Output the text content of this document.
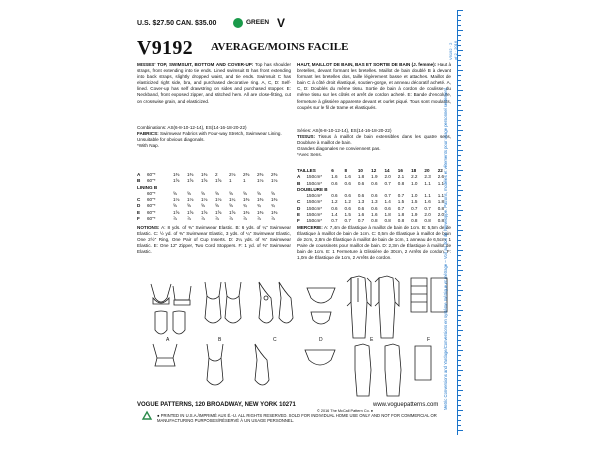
U.S. $27.50 CAN. $35.00	GREEN V
V9192 AVERAGE/MOINS FACILE
MISSES' TOP, SWIMSUIT, BOTTOM AND COVER-UP: Top has shoulder straps, front extending into tie ends. Lined swimsuit B has front extending into back straps, slightly dropped waist, and tie ends. Swimsuit C has elasticized right side, bra, and purchased decorative ring. A, C, D: Self-lined. Cover-up has self drawstring on sides and purchased stopper. E: Neckband, front exposed zipper, and stitched hem. All are close-fitting, cut on crosswise grain, and elasticized.
HAUT, MAILLOT DE BAIN, BAS ET SORTIE DE BAIN (J. femme): Haut à bretelles, devant formant les bretelles. Maillot de bain doublé B à devant formant les bretelles dos, taille légèrement basse et attaches. Maillot de bain C à côté droit élastiqué, soutien-gorge, et anneau décoratif acheté. A, C, D: Doublés du même tissu. Sortie de bain à cordon de coulisse du même tissu sur les côtés et arrêt de cordon acheté. E: Bande d'encolure, fermeture à glissière apparente devant et ourlet piqué. Tous sont moulants, coupés sur le fil de trame et élastiqués.
Combinations: AS(6-8-10-12-14), ES(14-16-18-20-22)
FABRICS: Swimwear Fabrics with Four-way Stretch, Swimwear Lining.
Unsuitable for obvious diagonals.
*With Nap.
Séries: AS(6-8-10-12-14), ES(14-16-18-20-22)
TISSUS: Tissus à maillot de bain extensibles dans les quatre sens, Doublure à maillot de bain.
Grandes diagonales ne conviennent pas.
*Avec Sens.
A	60"*	1⅜	1⅜	1⅜	2	2⅛	2⅜	2⅜	2⅜
B	60"*	1⅝	1⅝	1⅝	1⅝	1	1	1⅛	1⅛
LINING B
60"*	⅝	⅝	⅝	⅝	⅝	⅝	⅝	⅝
C	60"*	1⅛	1⅛	1⅛	1⅛	1¼	1⅜	1⅜	1⅜
D	60"*	⅝	⅝	⅝	⅝	⅝	¾	¾	¾
E	60"*	1⅝	1⅝	1⅝	1⅝	1⅝	1⅜	1⅜	1⅜
F	60"*	⅞	⅞	⅞	⅞	⅞	⅞	⅞	⅞
TAILLES	6	8	10	12	14	16	18	20	22
A	150cm*	1.6	1.6	1.8	1.9	2.0	2.1	2.2	2.3	2.6
B	150cm*	0.6	0.6	0.6	0.6	0.7	0.8	1.0	1.1	1.1
DOUBLURE B
150cm*	0.6	0.6	0.6	0.6	0.7	0.7	1.0	1.1	1.1
C	150cm*	1.2	1.2	1.3	1.3	1.4	1.5	1.5	1.6	1.8
D	150cm*	0.6	0.6	0.6	0.6	0.6	0.7	0.7	0.7	0.8
E	150cm*	1.4	1.5	1.6	1.6	1.8	1.8	1.9	2.0	2.0
F	150cm*	0.7	0.7	0.7	0.8	0.8	0.8	0.8	0.8	0.8
NOTIONS: A: 8 yds. of ⅜" Swimwear Elastic. B: 6 yds. of ¼" Swimwear Elastic. C: ½ yd. of ⅜" Swimwear Elastic, 3 yds. of ¼" Swimwear Elastic, One 2½" Ring, One Pair of Cup Inserts. D: 2¼ yds. of ⅜" Swimwear Elastic. E: One 12" Zipper, Two Cord Stoppers. F: 1 yd. of ⅜" Swimwear Elastic.
MERCERIE: A: 7,4m de Élastique à maillot de bain de 1cm. B: 5,5m de de Élastique à maillot de bain de 1cm. C: 0,5m de Élastique à maillot de bain de 2cm, 2,8m de Élastique à maillot de bain de 1cm, 1 anneau de 6,5cm, 1 Paire de coussinets pour maillot de bain. D: 2,3m de Élastique à maillot de bain de 1cm. E: 1 Fermeture à Glissière de 30cm, 2 Arrêts de cordon. F: 1,0m de Élastique de 1cm, 2 Arrêts de cordon.
A	B	C	D	E	F
VOGUE PATTERNS, 120 BROADWAY, NEW YORK 10271
© 2016 The McCall Pattern Co. ●
www.voguepatterns.com
● PRINTED IN U.S.A./IMPRIMÉ AUX É.-U. ALL RIGHTS RESERVED. SOLD FOR INDIVIDUAL HOME USE ONLY AND NOT FOR COMMERCIAL OR MANUFACTURING PURPOSES/RÉSERVÉ À UN USAGE PERSONNEL.
Metric Conversions and Yardage/Conversions en système métrique et métrage – Voir au dos de l'enveloppe. Patrons, modèles et vêtements pour usage personnel seulement.
V9192 · 2 of 2 · 2016
